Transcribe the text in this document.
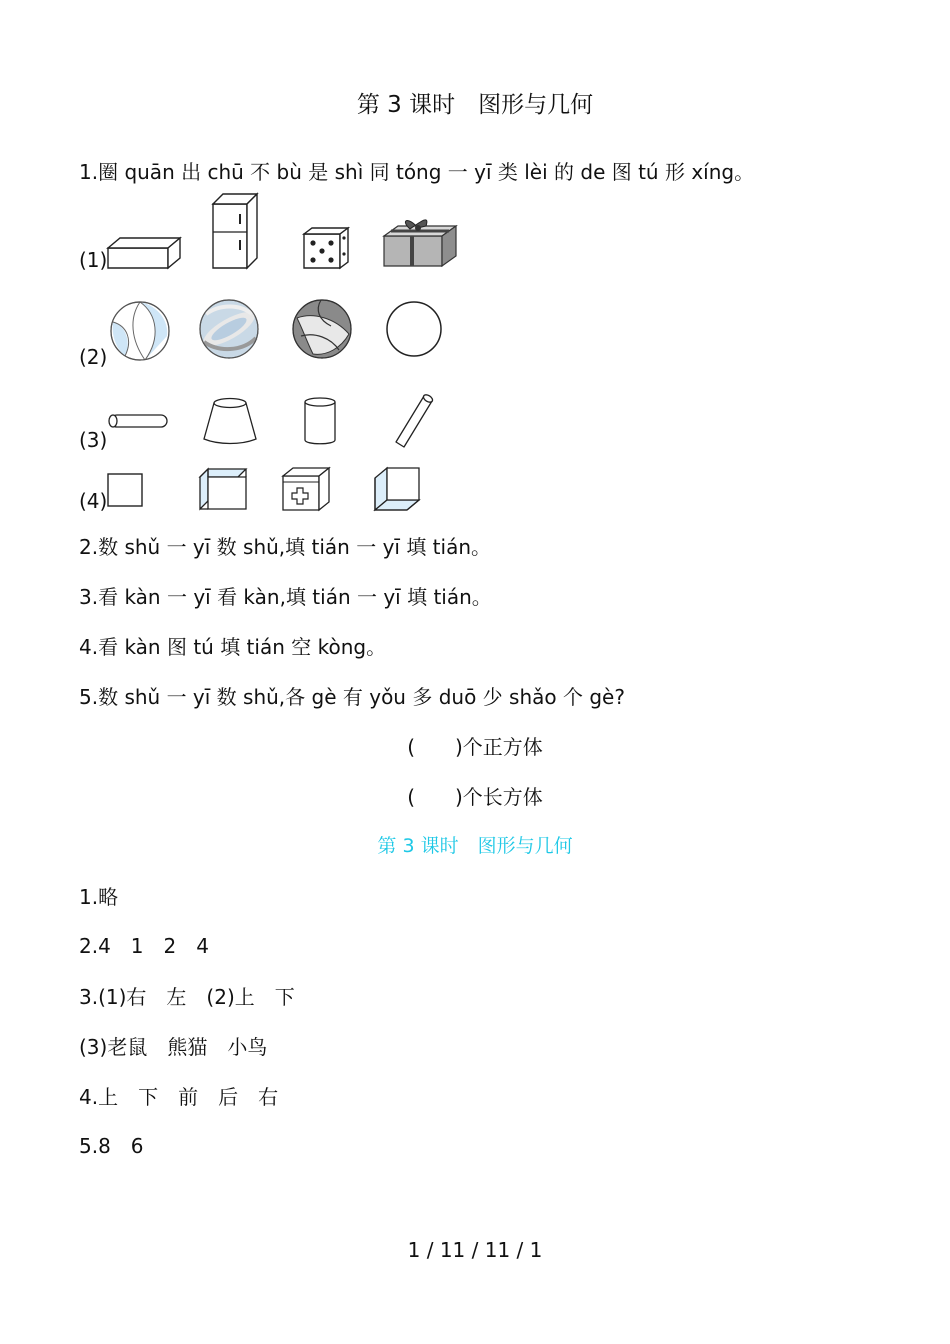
第 3 课时　图形与几何
1.圈 quān 出 chū 不 bù 是 shì 同 tóng 一 yī 类 lèi 的 de 图 tú 形 xíng。
(1)
(2)
(3)
(4)
2.数 shǔ 一 yī 数 shǔ,填 tián 一 yī 填 tián。
3.看 kàn 一 yī 看 kàn,填 tián 一 yī 填 tián。
4.看 kàn 图 tú 填 tián 空 kòng。
5.数 shǔ 一 yī 数 shǔ,各 gè 有 yǒu 多 duō 少 shǎo 个 gè?
(　　)个正方体
(　　)个长方体
第 3 课时　图形与几何
1.略
2.4　1　2　4
3.(1)右　左　(2)上　下
(3)老鼠　熊猫　小鸟
4.上　下　前　后　右
5.8　6
1 / 11 / 11 / 1
